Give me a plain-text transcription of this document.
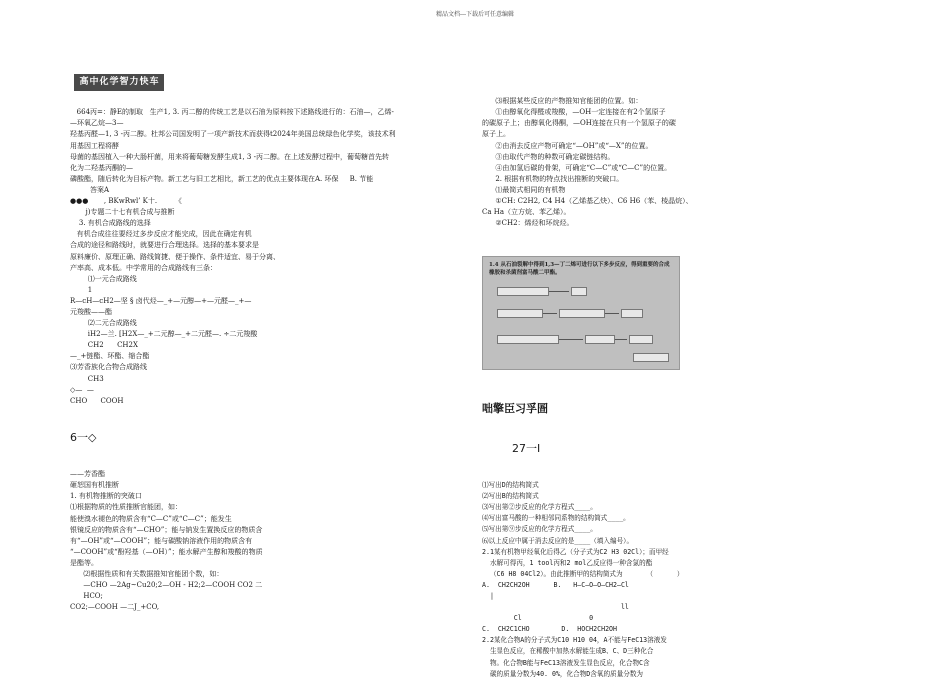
精品文档---下载后可任意编辑

高中化学智力快车

664丙=：静E的制取   生产1, 3. 丙二醇的传统工艺是以石油为原料按下述路线进行的：石油—，乙烯-
—环氧乙烷—3—
羟基丙醛—1, 3 -丙二醇。杜邦公司国发明了一项产新技术而获得t2024年美国总统绿色化学奖，该技术利
用基因工程将酵
母菌的基因植入一种大肠杆菌，用来将葡萄糖发酵生成1, 3 -丙二醇。在上述发酵过程中，葡萄糖首先转
化为二羟基丙酮的—
磷酸酯，随后转化为目标产物。新工艺与旧工艺相比，新工艺的优点主要体现在A. 环保     B. 节能
答案A
●●●       , BKwRwl’ K十.        《
j)专题二十七有机合成与推断
3. 有机合成路线的选择
有机合成往往要经过多步反应才能完成，因此在确定有机
合成的途径和路线时，就要进行合理选择。选择的基本要求是
原料廉价、原理正确、路线简捷、便于操作、条件适宜、易于分离、
产率高、成本低。中学常用的合成路线有三条：
⑴一元合成路线
1
R—cH—cH2—坚 § 卤代烃—_+—元醇—+—元醛—_+—
元羧酸——酯
⑵二元合成路线
iH2—兰. [H2X—_+二元醇—_+二元醛—. ÷二元羧酸
CH2      CH2X
—_+链酯、环酯、缩合酯
⑶芳香族化合物合成路线
CH3
◇—  —
CHO      COOH

6一◇

——芳香酯
砸恕国有机推断
1. 有机物推断的突破口
⑴根据物质的性质推断官能团，如：
能使溴水褪色的物质含有“C—C”或“C—C”；能发生
银镜反应的物质含有“—CHO”；能与钠发生置换反应的物质含
有“—OH”或“—COOH”；能与碳酸钠溶液作用的物质含有
“—COOH”或“酚羟基（—OH）”；能水解产生醇和羧酸的物质
是酯等。
⑵根据性质和有关数据推知官能团个数，如：
—CHO —2Ag~Cu20;2—OH - H2;2—COOH CO2 二
HCO;
CO2;—COOH —二J_+CO,

⑶根据某些反应的产物推知官能团的位置。如：
①由醇氧化得醛或羧酸，—OH一定连接在有2个氢原子
的碳原子上；由醇氧化得酮，—OH连接在只有一个氢原子的碳
原子上。
②由消去反应产物可确定“—OH”或“—X”的位置。
③由取代产物的种数可确定碳链结构。
④由加氢后碳的骨架，可确定“C—C”或“C—C”的位置。
2. 根据有机物的特点找出推断的突破口。
⑴最简式相同的有机物
①CH: C2H2, C4 H4（乙烯基乙炔）、C6 H6（苯、棱晶烷）、
Ca Ha（立方烷、苯乙烯）。
②CH2：烯烃和环烷烃。

1.4 从石油裂解中得到1,3—丁二烯可进行以下多步反应，得到重要的合成橡胶和杀菌剂富马酸二甲酯。

咄擎臣习孚圄

27一I

⑴写出D的结构简式
⑵写出B的结构简式
⑶写出第②步反应的化学方程式____。
⑷写出富马酸的一种相邻同系物的结构简式____。
⑸写出第⑨步反应的化学方程式____。
⑹以上反应中属于消去反应的是____（填入编号）。
2.1某有机物甲经氧化后得乙（分子式为C2 H3 02Cl）；而甲经
水解可得丙，1 tool丙和2 mol乙反应得一种含氯的酯
（C6 H8 04Cl2）。由此推断甲的结构简式为      （      ）
A.  CH2CH2OH      B.   H—C—O—O—CH2—Cl
|
ll
Cl                 0
C.  CH2C1CHO        D.  HOCH2CH2OH
2.2某化合物A的分子式为C10 H10 04，A不能与FeC13溶液发
生显色反应，在稀酸中加热水解能生成B、C、D三种化合
物。化合物B能与FeC13溶液发生显色反应，化合物C含
碳的质量分数为40. 0%，化合物D含氧的质量分数为
